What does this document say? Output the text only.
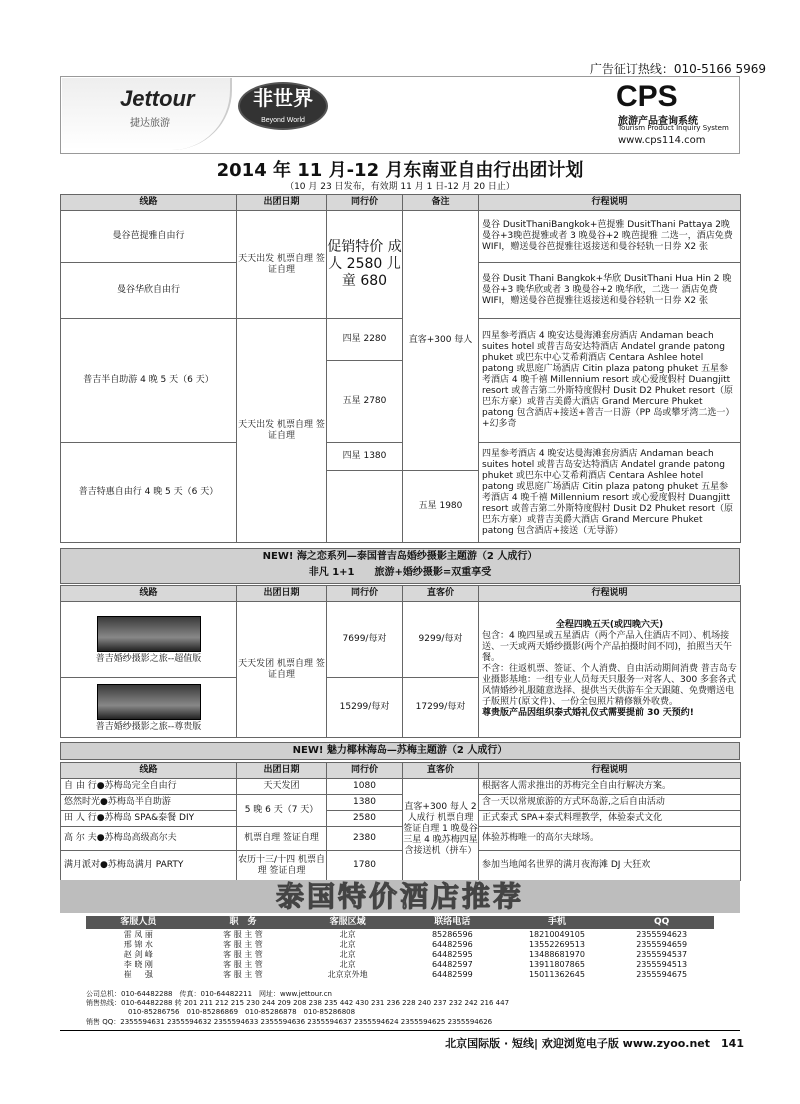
广告征订热线：010-5166 5969
Jettour
捷达旅游
非世界
Beyond World
CPS
旅游产品查询系统
Tourism Product Inquiry System
www.cps114.com
2014 年 11 月-12 月东南亚自由行出团计划
（10 月 23 日发布，有效期 11 月 1 日-12 月 20 日止）
线路	出团日期	同行价	备注	行程说明
曼谷芭提雅自由行	天天出发 机票自理 签证自理	促销特价 成人 2580 儿童 680	直客+300 每人	曼谷 DusitThaniBangkok+芭提雅 DusitThani Pattaya 2晚曼谷+3晚芭提雅或者 3 晚曼谷+2 晚芭提雅 二选一，酒店免费 WIFI，赠送曼谷芭提雅往返接送和曼谷轻轨一日券 X2 张
曼谷华欣自由行				曼谷 Dusit Thani Bangkok+华欣 DusitThani Hua Hin 2 晚曼谷+3 晚华欣或者 3 晚曼谷+2 晚华欣，二选一 酒店免费 WIFI，赠送曼谷芭提雅往返接送和曼谷轻轨一日券 X2 张
普吉半自助游 4 晚 5 天（6 天）	天天出发 机票自理 签证自理	四星 2280		四星参考酒店 4 晚安达曼海滩套房酒店 Andaman beach suites hotel 或普吉岛安达特酒店 Andatel grande patong phuket 或巴东中心艾希莉酒店 Centara Ashlee hotel patong 或思庭广场酒店 Citin plaza patong phuket 五星参考酒店 4 晚千禧 Millennium resort 或心爱度假村 Duangjitt resort 或普吉第二外斯特度假村 Dusit D2 Phuket resort（原巴东方豪）或普吉美爵大酒店 Grand Mercure Phuket patong 包含酒店+接送+普吉一日游（PP 岛或攀牙湾二选一）+幻多奇
		五星 2780		
普吉特惠自由行 4 晚 5 天（6 天）		四星 1380		四星参考酒店 4 晚安达曼海滩套房酒店 Andaman beach suites hotel 或普吉岛安达特酒店 Andatel grande patong phuket 或巴东中心艾希莉酒店 Centara Ashlee hotel patong 或思庭广场酒店 Citin plaza patong phuket 五星参考酒店 4 晚千禧 Millennium resort 或心爱度假村 Duangjitt resort 或普吉第二外斯特度假村 Dusit D2 Phuket resort（原巴东方豪）或普吉美爵大酒店 Grand Mercure Phuket patong 包含酒店+接送（无导游）
			五星 1980	
NEW! 海之恋系列—泰国普吉岛婚纱摄影主题游（2 人成行）
非凡 1+1　　旅游+婚纱摄影=双重享受
线路	出团日期	同行价	直客价	行程说明

普吉婚纱摄影之旅--超值版	天天发团 机票自理 签证自理	7699/每对	9299/每对	全程四晚五天(或四晚六天)
包含：4 晚四星或五星酒店（两个产品入住酒店不同）、机场接送、一天或两天婚纱摄影(两个产品拍摄时间不同)，拍照当天午餐。
不含：往返机票、签证、个人消费、自由活动期间消费 普吉岛专业摄影基地：一组专业人员每天只服务一对客人、300 多套各式风情婚纱礼服随意选择、提供当天供游车全天跟随、免费赠送电子版照片(原文件)、一份全包照片精修额外收费。
尊贵版产品因组织泰式婚礼仪式需要提前 30 天预约!

普吉婚纱摄影之旅--尊贵版		15299/每对	17299/每对	
NEW! 魅力椰林海岛—苏梅主题游（2 人成行）
线路	出团日期	同行价	直客价	行程说明
自 由 行●苏梅岛完全自由行	天天发团	1080	直客+300 每人 2 人成行 机票自理 签证自理 1 晚曼谷三星 4 晚苏梅四星 含接送机（拼车）	根据客人需求推出的苏梅完全自由行解决方案。
悠然时光●苏梅岛半自助游	5 晚 6 天（7 天）	1380		含一天以常规旅游的方式环岛游,之后自由活动
田 人 行●苏梅岛 SPA&泰餐 DIY		2580		正式泰式 SPA+泰式料理教学，体验泰式文化
高 尔 夫●苏梅岛高级高尔夫	机票自理 签证自理	2380		体验苏梅唯一的高尔夫球场。
满月派对●苏梅岛满月 PARTY	农历十三/十四 机票自理 签证自理	1780		参加当地闻名世界的满月夜海滩 DJ 大狂欢
泰国特价酒店推荐
客服人员	职　务	客服区域	联络电话	手机	QQ
雷 凤 丽	客 服 主 管	北京	85286596	18210049105	2355594623
邢 锦 水	客 服 主 管	北京	64482596	13552269513	2355594659
赵 剑 峰	客 服 主 管	北京	64482595	13488681970	2355594537
李 晓 刚	客 服 主 管	北京	64482597	13911807865	2355594513
崔 　 强	客 服 主 管	北京京外地	64482599	15011362645	2355594675
公司总机：010-64482288　传真：010-64482211　网址：www.jettour.cn
销售热线：010-64482288 转 201 211 212 215 230 244 209 208 238 235 442 430 231 236 228 240 237 232 242 216 447
010-85286756　010-85286869　010-85286878　010-85286808
销售 QQ：2355594631 2355594632 2355594633 2355594636 2355594637 2355594624 2355594625 2355594626
北京国际版 · 短线| 欢迎浏览电子版 www.zyoo.net　141
